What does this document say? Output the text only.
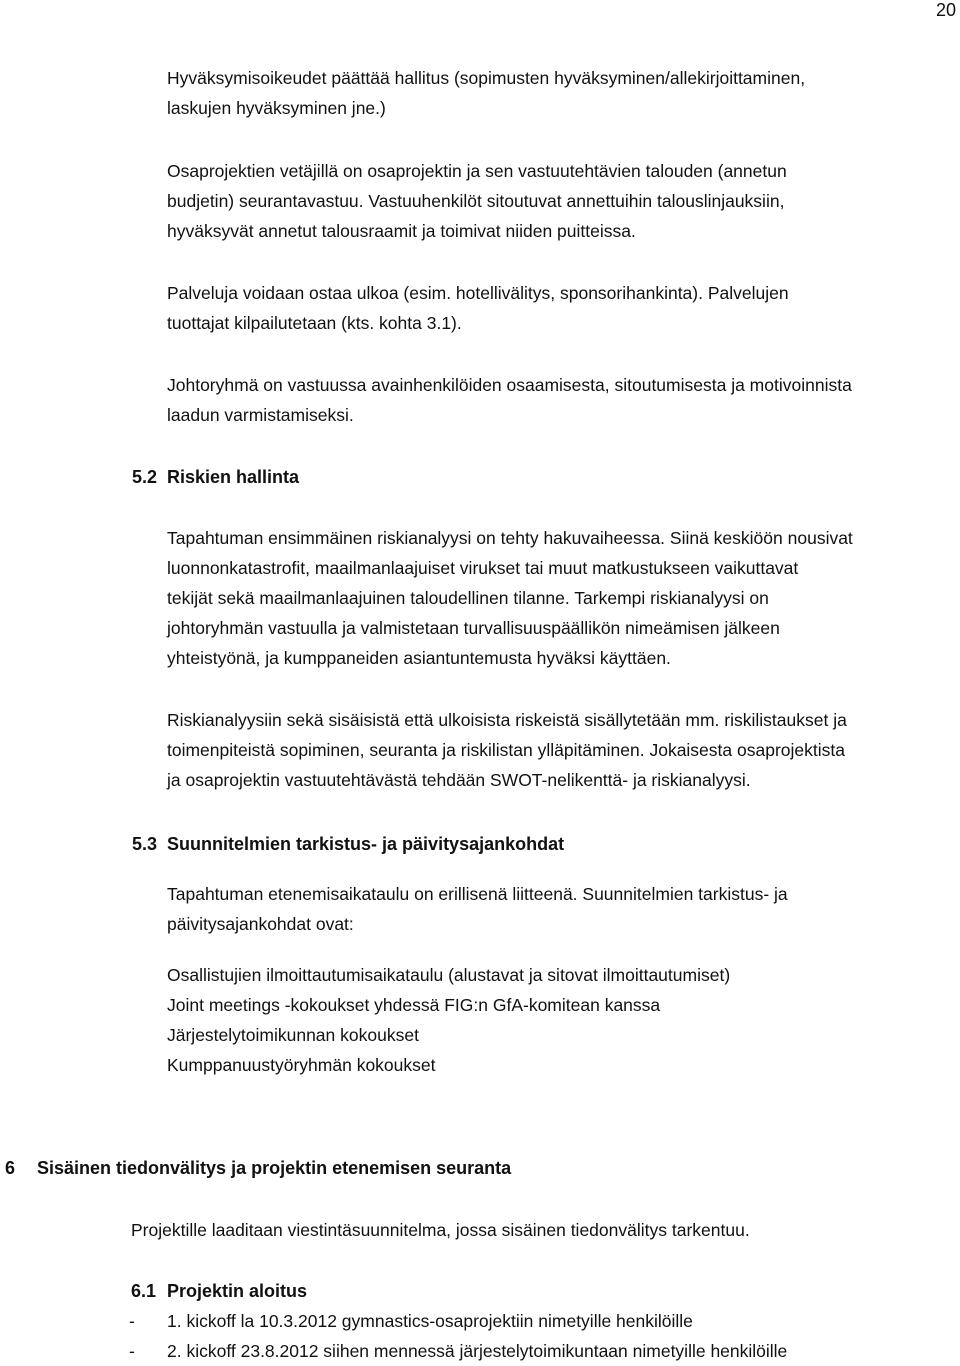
20
Hyväksymisoikeudet päättää hallitus (sopimusten hyväksyminen/allekirjoittaminen,
laskujen hyväksyminen jne.)
Osaprojektien vetäjillä on osaprojektin ja sen vastuutehtävien talouden (annetun
budjetin) seurantavastuu. Vastuuhenkilöt sitoutuvat annettuihin talouslinjauksiin,
hyväksyvät annetut talousraamit ja toimivat niiden puitteissa.
Palveluja voidaan ostaa ulkoa (esim. hotellivälitys, sponsorihankinta). Palvelujen
tuottajat kilpailutetaan (kts. kohta 3.1).
Johtoryhmä on vastuussa avainhenkilöiden osaamisesta, sitoutumisesta ja motivoinnista
laadun varmistamiseksi.
5.2 Riskien hallinta
Tapahtuman ensimmäinen riskianalyysi on tehty hakuvaiheessa. Siinä keskiöön nousivat
luonnonkatastrofit, maailmanlaajuiset virukset tai muut matkustukseen vaikuttavat
tekijät sekä maailmanlaajuinen taloudellinen tilanne. Tarkempi riskianalyysi on
johtoryhmän vastuulla ja valmistetaan turvallisuuspäällikön nimeämisen jälkeen
yhteistyönä, ja kumppaneiden asiantuntemusta hyväksi käyttäen.
Riskianalyysiin sekä sisäisistä että ulkoisista riskeistä sisällytetään mm. riskilistaukset ja
toimenpiteistä sopiminen, seuranta ja riskilistan ylläpitäminen. Jokaisesta osaprojektista
ja osaprojektin vastuutehtävästä tehdään SWOT-nelikenttä- ja riskianalyysi.
5.3 Suunnitelmien tarkistus- ja päivitysajankohdat
Tapahtuman etenemisaikataulu on erillisenä liitteenä. Suunnitelmien tarkistus- ja
päivitysajankohdat ovat:
Osallistujien ilmoittautumisaikataulu (alustavat ja sitovat ilmoittautumiset)
Joint meetings -kokoukset yhdessä FIG:n GfA-komitean kanssa
Järjestelytoimikunnan kokoukset
Kumppanuustyöryhmän kokoukset
6 Sisäinen tiedonvälitys ja projektin etenemisen seuranta
Projektille laaditaan viestintäsuunnitelma, jossa sisäinen tiedonvälitys tarkentuu.
6.1 Projektin aloitus
- 1. kickoff la 10.3.2012 gymnastics-osaprojektiin nimetyille henkilöille
- 2. kickoff 23.8.2012 siihen mennessä järjestelytoimikuntaan nimetyille henkilöille
